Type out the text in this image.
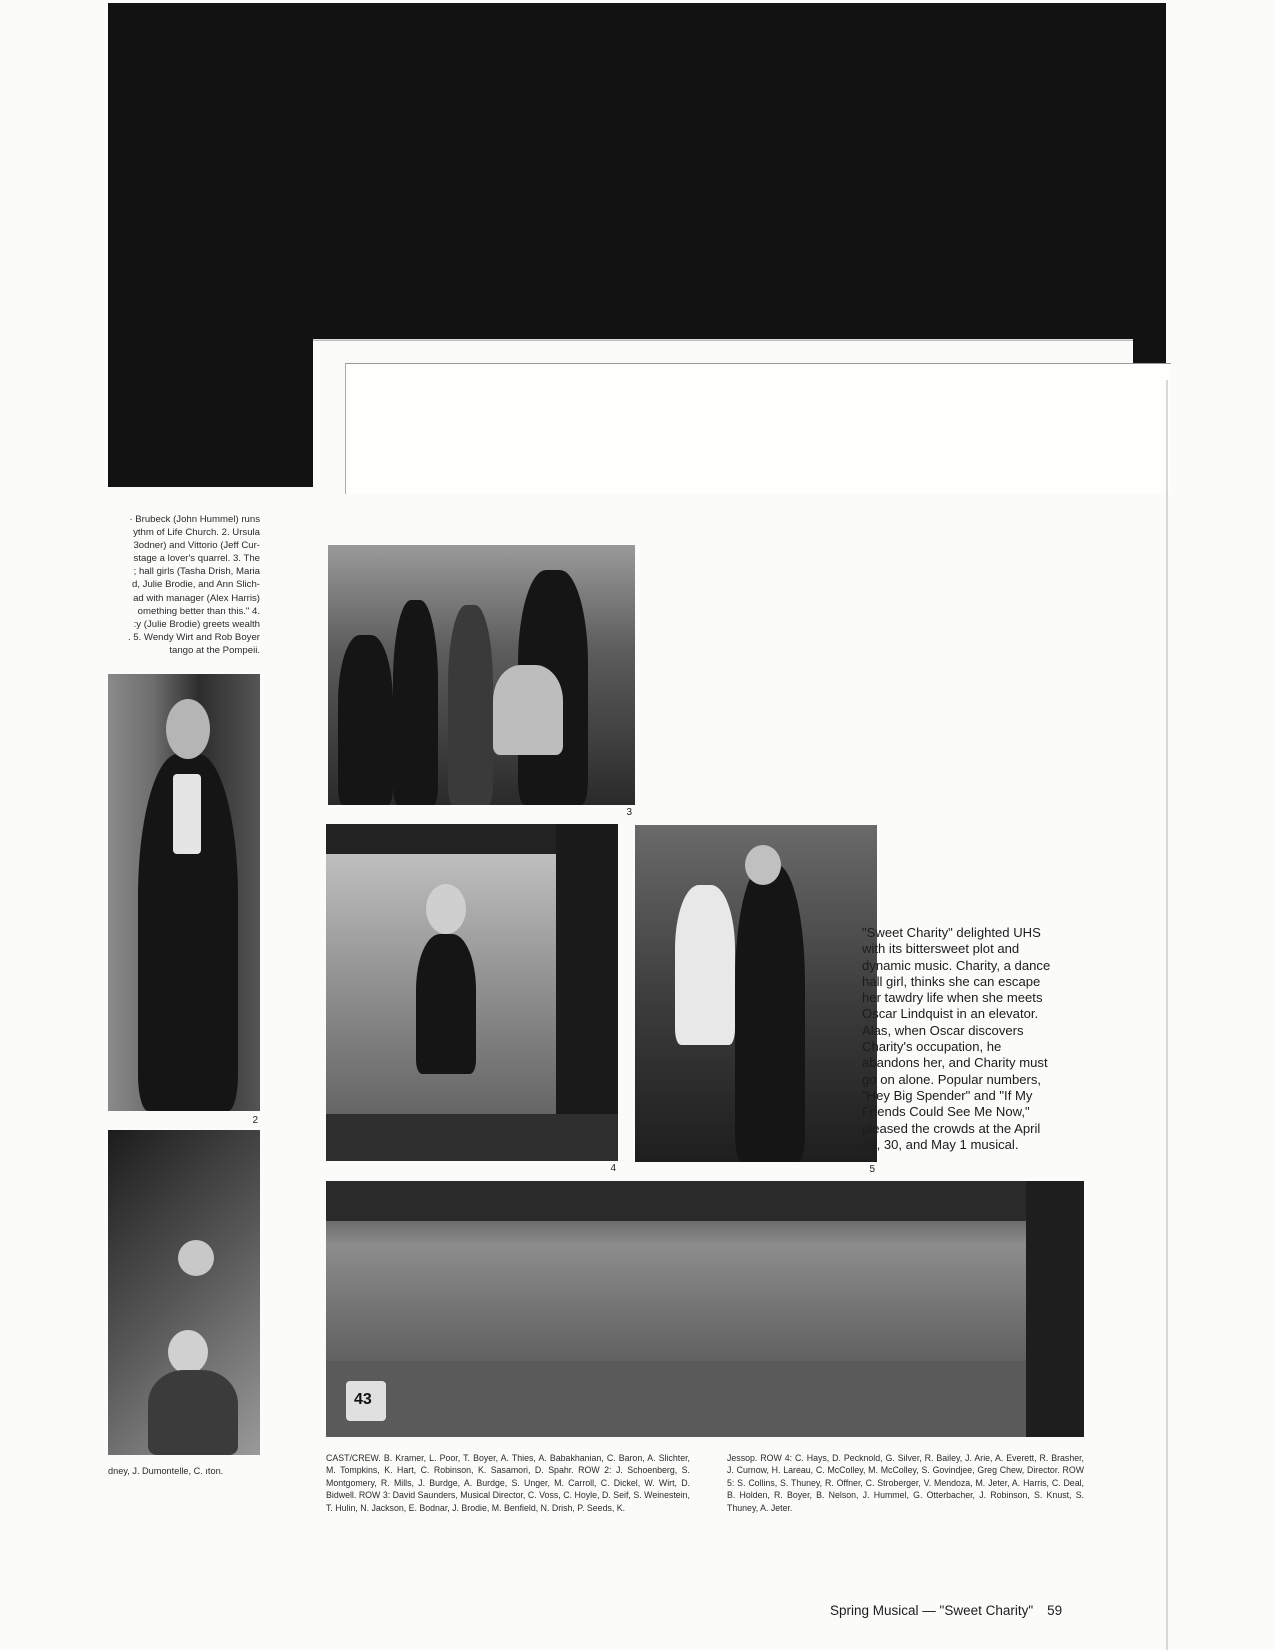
· Brubeck (John Hummel) runs
ythm of Life Church. 2. Ursula
3odner) and Vittorio (Jeff Cur-
stage a lover's quarrel. 3. The
; hall girls (Tasha Drish, Maria
d, Julie Brodie, and Ann Slich-
ad with manager (Alex Harris)
omething better than this." 4.
:y (Julie Brodie) greets wealth
. 5. Wendy Wirt and Rob Boyer
tango at the Pompeii.
2
3
4	5
"Sweet Charity" delighted UHS with its bittersweet plot and dynamic music. Charity, a dance hall girl, thinks she can escape her tawdry life when she meets Oscar Lindquist in an elevator. Alas, when Oscar discovers Charity's occupation, he abandons her, and Charity must go on alone. Popular numbers, "Hey Big Spender" and "If My Friends Could See Me Now," pleased the crowds at the April 29, 30, and May 1 musical.
43
dney, J. Dumontelle, C. ıton.
CAST/CREW. B. Kramer, L. Poor, T. Boyer, A. Thies, A. Babakhanian, C. Baron, A. Slichter, M. Tompkins, K. Hart, C. Robinson, K. Sasamori, D. Spahr. ROW 2: J. Schoenberg, S. Montgomery, R. Mills, J. Burdge, A. Burdge, S. Unger, M. Carroll, C. Dickel, W. Wirt, D. Bidwell. ROW 3: David Saunders, Musical Director, C. Voss, C. Hoyle, D. Seif, S. Weinestein, T. Hulin, N. Jackson, E. Bodnar, J. Brodie, M. Benfield, N. Drish, P. Seeds, K.
Jessop. ROW 4: C. Hays, D. Pecknold, G. Silver, R. Bailey, J. Arie, A. Everett, R. Brasher, J. Curnow, H. Lareau, C. McColley, M. McColley, S. Govindjee, Greg Chew, Director. ROW 5: S. Collins, S. Thuney, R. Offner, C. Stroberger, V. Mendoza, M. Jeter, A. Harris, C. Deal, B. Holden, R. Boyer, B. Nelson, J. Hummel, G. Otterbacher, J. Robinson, S. Knust, S. Thuney, A. Jeter.
Spring Musical — "Sweet Charity" 59
